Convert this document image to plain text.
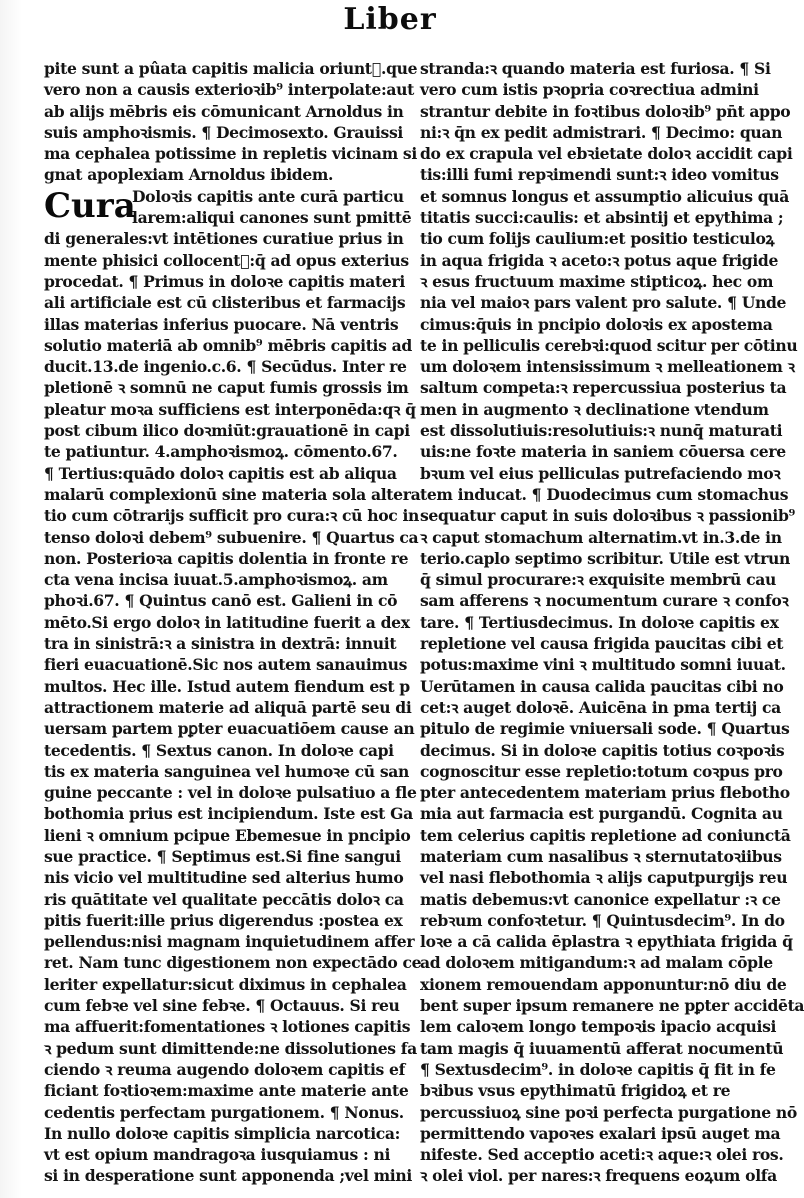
Liber
pite sunt a pûata capitis malicia oriuntᷓ.que
vero non a causis exterioꝛib⁹ interpolate:aut
ab alijs mēbris eis cōmunicant Arnoldus in
suis amphoꝛismis. ¶ Decimosexto. Grauissi
ma cephalea potissime in repletis vicinam si
gnat apoplexiam Arnoldus ibidem.
Cura
Doloꝛis capitis ante curā particu
larem:aliqui canones sunt pmittē
di generales:vt intētiones curatiue prius in
mente phisici collocentᷓ:q̄ ad opus exterius
procedat. ¶ Primus in doloꝛe capitis materi
ali artificiale est cū clisteribus et farmacijs
illas materias inferius puocare. Nā ventris
solutio materiā ab omnib⁹ mēbris capitis ad
ducit.13.de ingenio.c.6. ¶ Secūdus. Inter re
pletionē ꝛ somnū ne caput fumis grossis im
pleatur moꝛa sufficiens est interponēda:qꝛ q̄
post cibum ilico doꝛmiūt:grauationē in capi
te patiuntur. 4.amphoꝛismoꝝ. cōmento.67.
¶ Tertius:quādo doloꝛ capitis est ab aliqua
malarū complexionū sine materia sola altera
tio cum cōtrarijs sufficit pro cura:ꝛ cū hoc in
tenso doloꝛi debem⁹ subuenire. ¶ Quartus ca
non. Posterioꝛa capitis dolentia in fronte re
cta vena incisa iuuat.5.amphoꝛismoꝝ. am
phoꝛi.67. ¶ Quintus canō est. Galieni in cō
mēto.Si ergo doloꝛ in latitudine fuerit a dex
tra in sinistrā:ꝛ a sinistra in dextrā: innuit
fieri euacuationē.Sic nos autem sanauimus
multos. Hec ille. Istud autem fiendum est p
attractionem materie ad aliquā partē seu di
uersam partem pꝑter euacuatiōem cause an
tecedentis. ¶ Sextus canon. In doloꝛe capi
tis ex materia sanguinea vel humoꝛe cū san
guine peccante : vel in doloꝛe pulsatiuo a fle
bothomia prius est incipiendum. Iste est Ga
lieni ꝛ omnium pcipue Ebemesue in pncipio
sue practice. ¶ Septimus est.Si fine sangui
nis vicio vel multitudine sed alterius humo
ris quātitate vel qualitate peccātis doloꝛ ca
pitis fuerit:ille prius digerendus :postea ex
pellendus:nisi magnam inquietudinem affer
ret. Nam tunc digestionem non expectādo ce
leriter expellatur:sicut diximus in cephalea
cum febꝛe vel sine febꝛe. ¶ Octauus. Si reu
ma affuerit:fomentationes ꝛ lotiones capitis
ꝛ pedum sunt dimittende:ne dissolutiones fa
ciendo ꝛ reuma augendo doloꝛem capitis ef
ficiant foꝛtioꝛem:maxime ante materie ante
cedentis perfectam purgationem. ¶ Nonus.
In nullo doloꝛe capitis simplicia narcotica:
vt est opium mandragoꝛa iusquiamus : ni
si in desperatione sunt apponenda ;vel mini
stranda:ꝛ quando materia est furiosa. ¶ Si
vero cum istis pꝛopria coꝛrectiua admini
strantur debite in foꝛtibus doloꝛib⁹ pn̄t appo
ni:ꝛ q̄n ex pedit admistrari. ¶ Decimo: quan
do ex crapula vel ebꝛietate doloꝛ accidit capi
tis:illi fumi repꝛimendi sunt:ꝛ ideo vomitus
et somnus longus et assumptio alicuius quā
titatis succi:caulis: et absintij et epythima ;
tio cum folijs caulium:et positio testiculoꝝ
in aqua frigida ꝛ aceto:ꝛ potus aque frigide
ꝛ esus fructuum maxime stipticoꝝ. hec om
nia vel maioꝛ pars valent pro salute. ¶ Unde
cimus:q̄uis in pncipio doloꝛis ex apostema
te in pelliculis cerebꝛi:quod scitur per cōtinu
um doloꝛem intensissimum ꝛ melleationem ꝛ
saltum competa:ꝛ repercussiua posterius ta
men in augmento ꝛ declinatione vtendum
est dissolutiuis:resolutiuis:ꝛ nunq̄ maturati
uis:ne foꝛte materia in saniem cōuersa cere
bꝛum vel eius pelliculas putrefaciendo moꝛ
tem inducat. ¶ Duodecimus cum stomachus
sequatur caput in suis doloꝛibus ꝛ passionib⁹
ꝛ caput stomachum alternatim.vt in.3.de in
terio.caplo septimo scribitur. Utile est vtrun
q̄ simul procurare:ꝛ exquisite membrū cau
sam afferens ꝛ nocumentum curare ꝛ confoꝛ
tare. ¶ Tertiusdecimus. In doloꝛe capitis ex
repletione vel causa frigida paucitas cibi et
potus:maxime vini ꝛ multitudo somni iuuat.
Uerūtamen in causa calida paucitas cibi no
cet:ꝛ auget doloꝛē. Auicēna in pma tertij ca
pitulo de regimie vniuersali sode. ¶ Quartus
decimus. Si in doloꝛe capitis totius coꝛpoꝛis
cognoscitur esse repletio:totum coꝛpus pro
pter antecedentem materiam prius flebotho
mia aut farmacia est purgandū. Cognita au
tem celerius capitis repletione ad coniunctā
materiam cum nasalibus ꝛ sternutatoꝛiibus
vel nasi flebothomia ꝛ alijs caputpurgijs reu
matis debemus:vt canonice expellatur :ꝛ ce
rebꝛum confoꝛtetur. ¶ Quintusdecim⁹. In do
loꝛe a cā calida ēplastra ꝛ epythiata frigida q̄
ad doloꝛem mitigandum:ꝛ ad malam cōple
xionem remouendam apponuntur:nō diu de
bent super ipsum remanere ne pꝑter accidēta
lem caloꝛem longo tempoꝛis ipacio acquisi
tam magis q̄ iuuamentū afferat nocumentū
¶ Sextusdecim⁹. in doloꝛe capitis q̄ fit in fe
bꝛibus vsus epythimatū frigidoꝝ et re
percussiuoꝝ sine poꝛi perfecta purgatione nō
permittendo vapoꝛes exalari ipsū auget ma
nifeste. Sed acceptio aceti:ꝛ aque:ꝛ olei ros.
ꝛ olei viol. per nares:ꝛ frequens eoꝝum olfa
